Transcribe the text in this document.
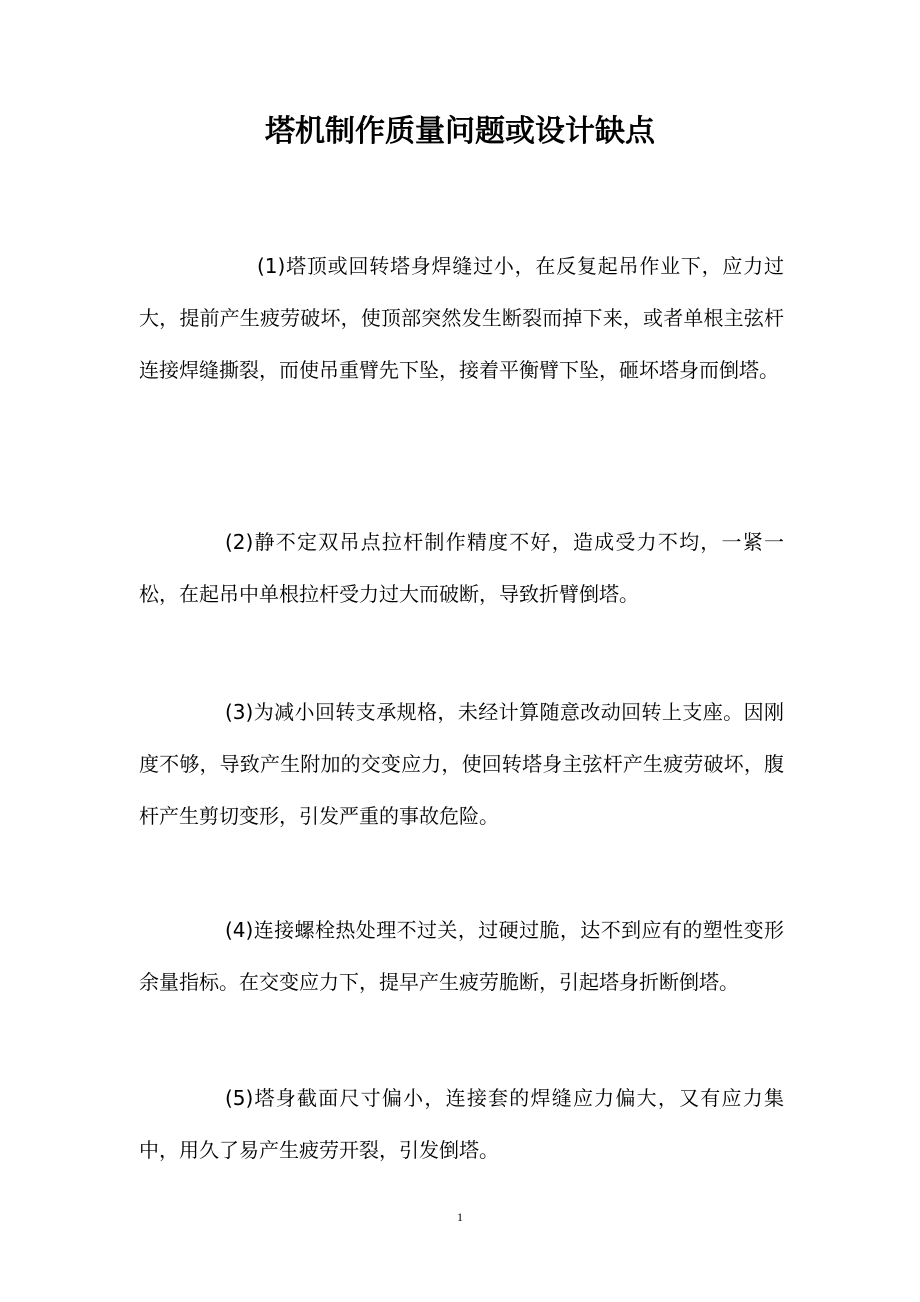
塔机制作质量问题或设计缺点

(1)塔顶或回转塔身焊缝过小，在反复起吊作业下，应力过大，提前产生疲劳破坏，使顶部突然发生断裂而掉下来，或者单根主弦杆连接焊缝撕裂，而使吊重臂先下坠，接着平衡臂下坠，砸坏塔身而倒塔。

(2)静不定双吊点拉杆制作精度不好，造成受力不均，一紧一松，在起吊中单根拉杆受力过大而破断，导致折臂倒塔。

(3)为减小回转支承规格，未经计算随意改动回转上支座。因刚度不够，导致产生附加的交变应力，使回转塔身主弦杆产生疲劳破坏，腹杆产生剪切变形，引发严重的事故危险。

(4)连接螺栓热处理不过关，过硬过脆，达不到应有的塑性变形余量指标。在交变应力下，提早产生疲劳脆断，引起塔身折断倒塔。

(5)塔身截面尺寸偏小，连接套的焊缝应力偏大，又有应力集中，用久了易产生疲劳开裂，引发倒塔。

1
